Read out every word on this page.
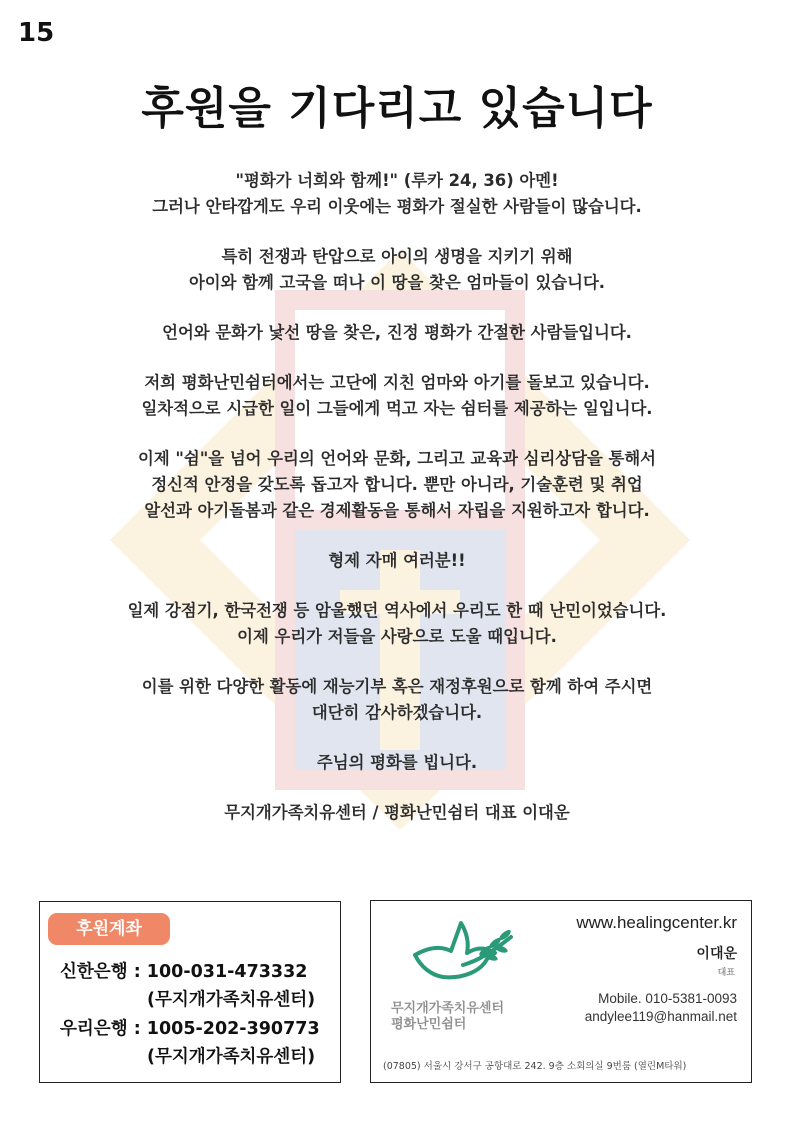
15
후원을 기다리고 있습니다
"평화가 너희와 함께!" (루카 24, 36) 아멘!
그러나 안타깝게도 우리 이웃에는 평화가 절실한 사람들이 많습니다.
특히 전쟁과 탄압으로 아이의 생명을 지키기 위해
아이와 함께 고국을 떠나 이 땅을 찾은 엄마들이 있습니다.
언어와 문화가 낯선 땅을 찾은, 진정 평화가 간절한 사람들입니다.
저희 평화난민쉼터에서는 고단에 지친 엄마와 아기를 돌보고 있습니다.
일차적으로 시급한 일이 그들에게 먹고 자는 쉼터를 제공하는 일입니다.
이제 "쉼"을 넘어 우리의 언어와 문화, 그리고 교육과 심리상담을 통해서
정신적 안정을 갖도록 돕고자 합니다. 뿐만 아니라, 기술훈련 및 취업
알선과 아기돌봄과 같은 경제활동을 통해서 자립을 지원하고자 합니다.
형제 자매 여러분!!
일제 강점기, 한국전쟁 등 암울했던 역사에서 우리도 한 때 난민이었습니다.
이제 우리가 저들을 사랑으로 도울 때입니다.
이를 위한 다양한 활동에 재능기부 혹은 재정후원으로 함께 하여 주시면
대단히 감사하겠습니다.
주님의 평화를 빕니다.
무지개가족치유센터 / 평화난민쉼터 대표 이대운
후원계좌
신한은행 : 100-031-473332
(무지개가족치유센터)
우리은행 : 1005-202-390773
(무지개가족치유센터)
무지개가족치유센터
평화난민쉼터
www.healingcenter.kr
이대운
대표
Mobile. 010-5381-0093
andylee119@hanmail.net
(07805) 서울시 강서구 공항대로 242. 9층 소회의실 9번룸 (열린M타워)
